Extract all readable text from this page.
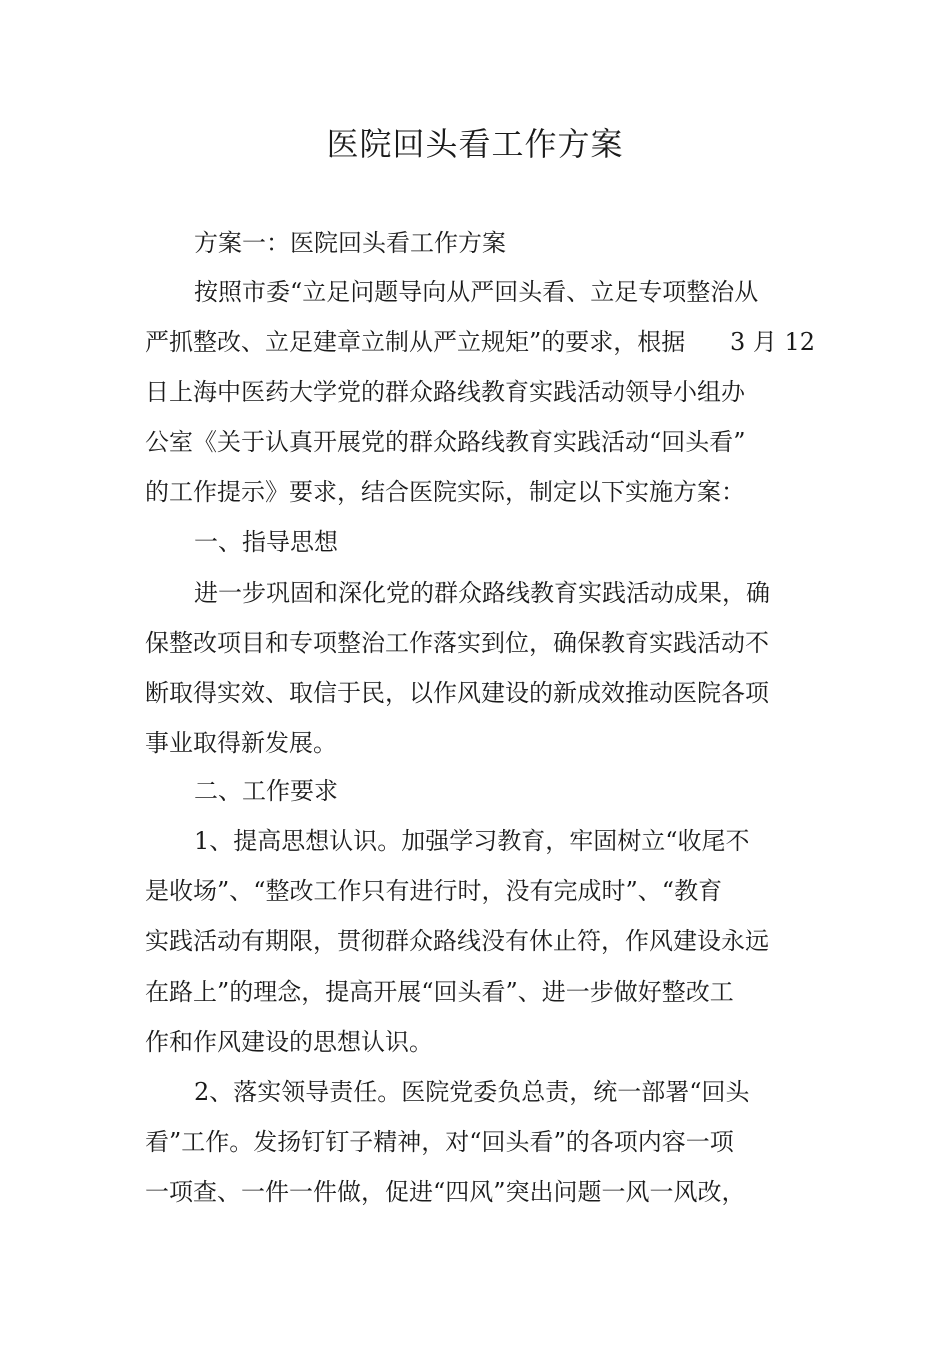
医院回头看工作方案
方案一：医院回头看工作方案
按照市委“立足问题导向从严回头看、立足专项整治从
严抓整改、立足建章立制从严立规矩”的要求，根据 3 月 12
日上海中医药大学党的群众路线教育实践活动领导小组办
公室《关于认真开展党的群众路线教育实践活动“回头看”
的工作提示》要求，结合医院实际，制定以下实施方案：
一、指导思想
进一步巩固和深化党的群众路线教育实践活动成果，确
保整改项目和专项整治工作落实到位，确保教育实践活动不
断取得实效、取信于民，以作风建设的新成效推动医院各项
事业取得新发展。
二、工作要求
1、提高思想认识。加强学习教育，牢固树立“收尾不
是收场”、“整改工作只有进行时，没有完成时”、“教育
实践活动有期限，贯彻群众路线没有休止符，作风建设永远
在路上”的理念，提高开展“回头看”、进一步做好整改工
作和作风建设的思想认识。
2、落实领导责任。医院党委负总责，统一部署“回头
看”工作。发扬钉钉子精神，对“回头看”的各项内容一项
一项查、一件一件做，促进“四风”突出问题一风一风改，
